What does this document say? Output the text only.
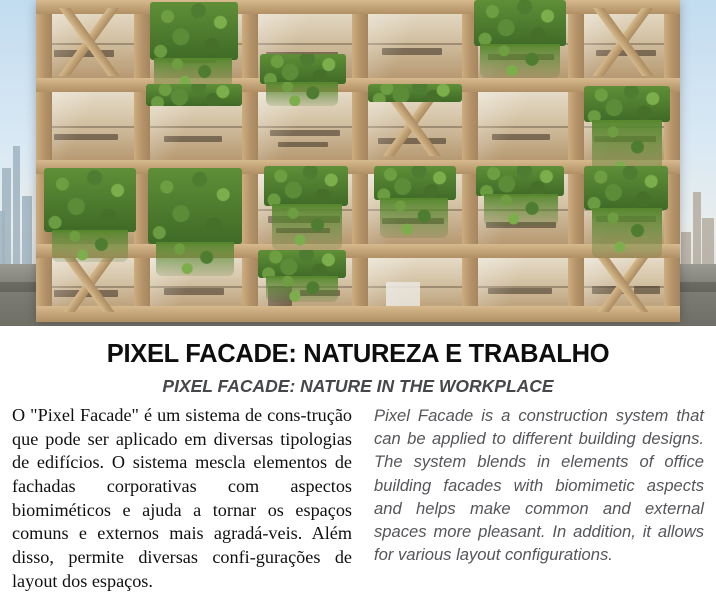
PIXEL FACADE: NATUREZA E TRABALHO
PIXEL FACADE: NATURE IN THE WORKPLACE

O "Pixel Facade" é um sistema de cons-trução que pode ser aplicado em diversas tipologias de edifícios. O sistema mescla elementos de fachadas corporativas com aspectos biomiméticos e ajuda a tornar os espaços comuns e externos mais agradá-veis. Além disso, permite diversas confi-gurações de layout dos espaços.

Pixel Facade is a construction system that can be applied to different building designs. The system blends in elements of office building facades with biomimetic aspects and helps make common and external spaces more pleasant. In addition, it allows for various layout configurations.
